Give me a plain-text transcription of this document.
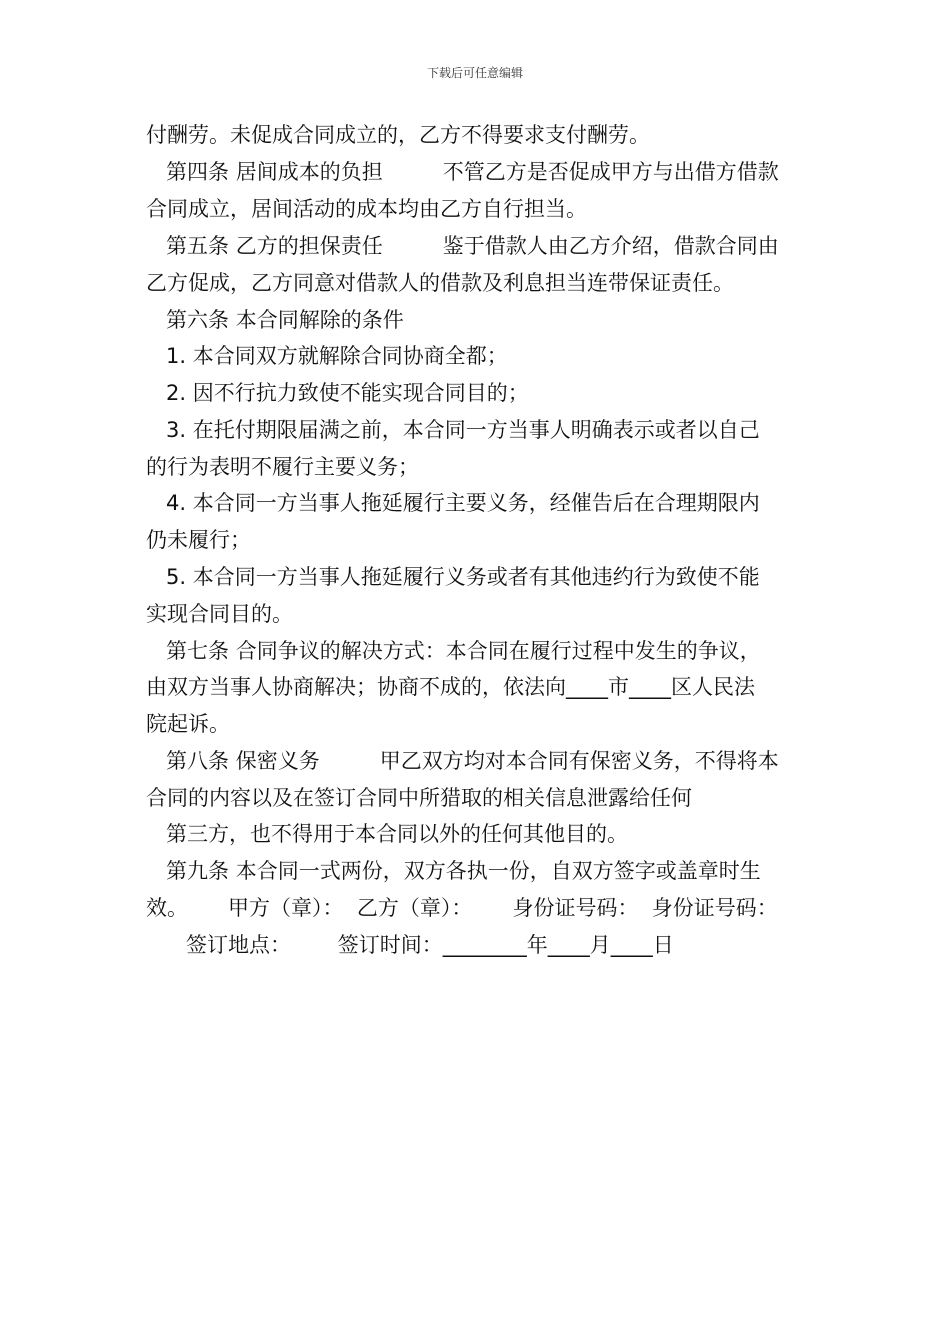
下载后可任意编辑
付酬劳。未促成合同成立的，乙方不得要求支付酬劳。
第四条 居间成本的负担         不管乙方是否促成甲方与出借方借款
合同成立，居间活动的成本均由乙方自行担当。
第五条 乙方的担保责任         鉴于借款人由乙方介绍，借款合同由
乙方促成，乙方同意对借款人的借款及利息担当连带保证责任。
第六条 本合同解除的条件
1. 本合同双方就解除合同协商全都；
2. 因不行抗力致使不能实现合同目的；
3. 在托付期限届满之前，本合同一方当事人明确表示或者以自己
的行为表明不履行主要义务；
4. 本合同一方当事人拖延履行主要义务，经催告后在合理期限内
仍未履行；
5. 本合同一方当事人拖延履行义务或者有其他违约行为致使不能
实现合同目的。
第七条 合同争议的解决方式：本合同在履行过程中发生的争议，
由双方当事人协商解决；协商不成的，依法向____市____区人民法
院起诉。
第八条 保密义务         甲乙双方均对本合同有保密义务，不得将本
合同的内容以及在签订合同中所猎取的相关信息泄露给任何
第三方，也不得用于本合同以外的任何其他目的。
第九条 本合同一式两份，双方各执一份，自双方签字或盖章时生
效。      甲方（章）：  乙方（章）：      身份证号码：  身份证号码：
签订地点：       签订时间：________年____月____日
